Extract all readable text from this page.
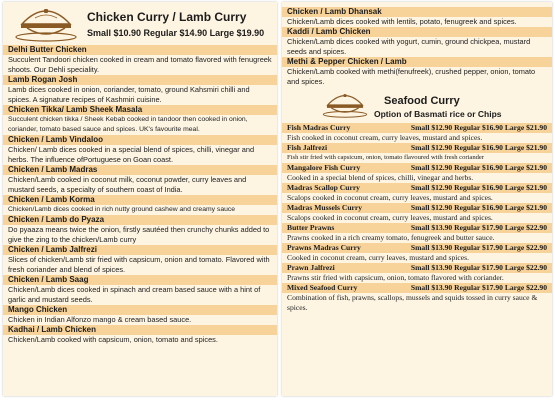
Chicken Curry / Lamb Curry
Small $10.90 Regular $14.90 Large $19.90
Delhi Butter Chicken
Succulent Tandoori chicken cooked in cream and tomato flavored with fenugreek shoots. Our Dehli speciality.
Lamb Rogan Josh
Lamb dices cooked in onion, coriander, tomato, ground Kahsmiri chilli and spices. A signature recipes of Kashmiri cuisine.
Chicken Tikka/ Lamb Sheek Masala
Succulent chicken tikka / Sheek Kebab cooked in tandoor then cooked in onion, coriander, tomato based sauce and spices. UK's favourite meal.
Chicken / Lamb Vindaloo
Chicken/ Lamb dices cooked in a special blend of spices, chilli, vinegar and herbs. The influence ofPortuguese on Goan coast.
Chicken / Lamb Madras
Chicken/Lamb cooked in coconut milk, coconut powder, curry leaves and mustard seeds, a specialty of southern coast of India.
Chicken / Lamb Korma
Chicken/Lamb dices cooked in rich nutty ground cashew and creamy sauce
Chicken / Lamb do Pyaza
Do pyaaza means twice the onion, firstly sautéed then crunchy chunks added to give the zing to the chicken/Lamb curry
Chicken / Lamb Jalfrezi
Slices of chicken/Lamb stir fried with capsicum, onion and tomato. Flavored with fresh coriander and blend of spices.
Chicken / Lamb Saag
Chicken/Lamb dices cooked in spinach and cream based sauce with a hint of garlic and mustard seeds.
Mango Chicken
Chicken in Indian Alfonzo mango & cream based sauce.
Kadhai / Lamb Chicken
Chicken/Lamb cooked with capsicum, onion, tomato and spices.
Chicken / Lamb Dhansak
Chicken/Lamb dices cooked with lentils, potato, fenugreek and spices.
Kaddi / Lamb Chicken
Chicken/Lamb dices cooked with yogurt, cumin, ground chickpea, mustard seeds and spices.
Methi & Pepper Chicken / Lamb
Chicken/Lamb cooked with methi(fenufreek), crushed pepper, onion, tomato and spices.
Seafood Curry
Option of Basmati rice or Chips
Fish Madras Curry	Small $12.90 Regular $16.90 Large $21.90
Fish cooked in coconut cream, curry leaves, mustard and spices.
Fish Jalfrezi	Small $12.90 Regular $16.90 Large $21.90
Fish stir fried with capsicum, onion, tomato flavoured with fresh coriander
Mangalore Fish Curry	Small $12.90 Regular $16.90 Large $21.90
Cooked in a special blend of spices, chilli, vinegar and herbs.
Madras Scallop Curry	Small $12.90 Regular $16.90 Large $21.90
Scalops cooked in coconut cream, curry leaves, mustard and spices.
Madras Mussels Curry	Small $12.90 Regular $16.90 Large $21.90
Scalops cooked in coconut cream, curry leaves, mustard and spices.
Butter Prawns	Small $13.90 Regular $17.90 Large $22.90
Prawns cooked in a rich creamy tomato, fenugreek and butter sauce.
Prawns Madras Curry	Small $13.90 Regular $17.90 Large $22.90
Cooked in coconut cream, curry leaves, mustard and spices.
Prawn Jalfrezi	Small $13.90 Regular $17.90 Large $22.90
Prawns stir fried with capsicum, onion, tomato flavored with coriander.
Mixed Seafood Curry	Small $13.90 Regular $17.90 Large $22.90
Combination of fish, prawns, scallops, mussels and squids tossed in curry sauce & spices.
